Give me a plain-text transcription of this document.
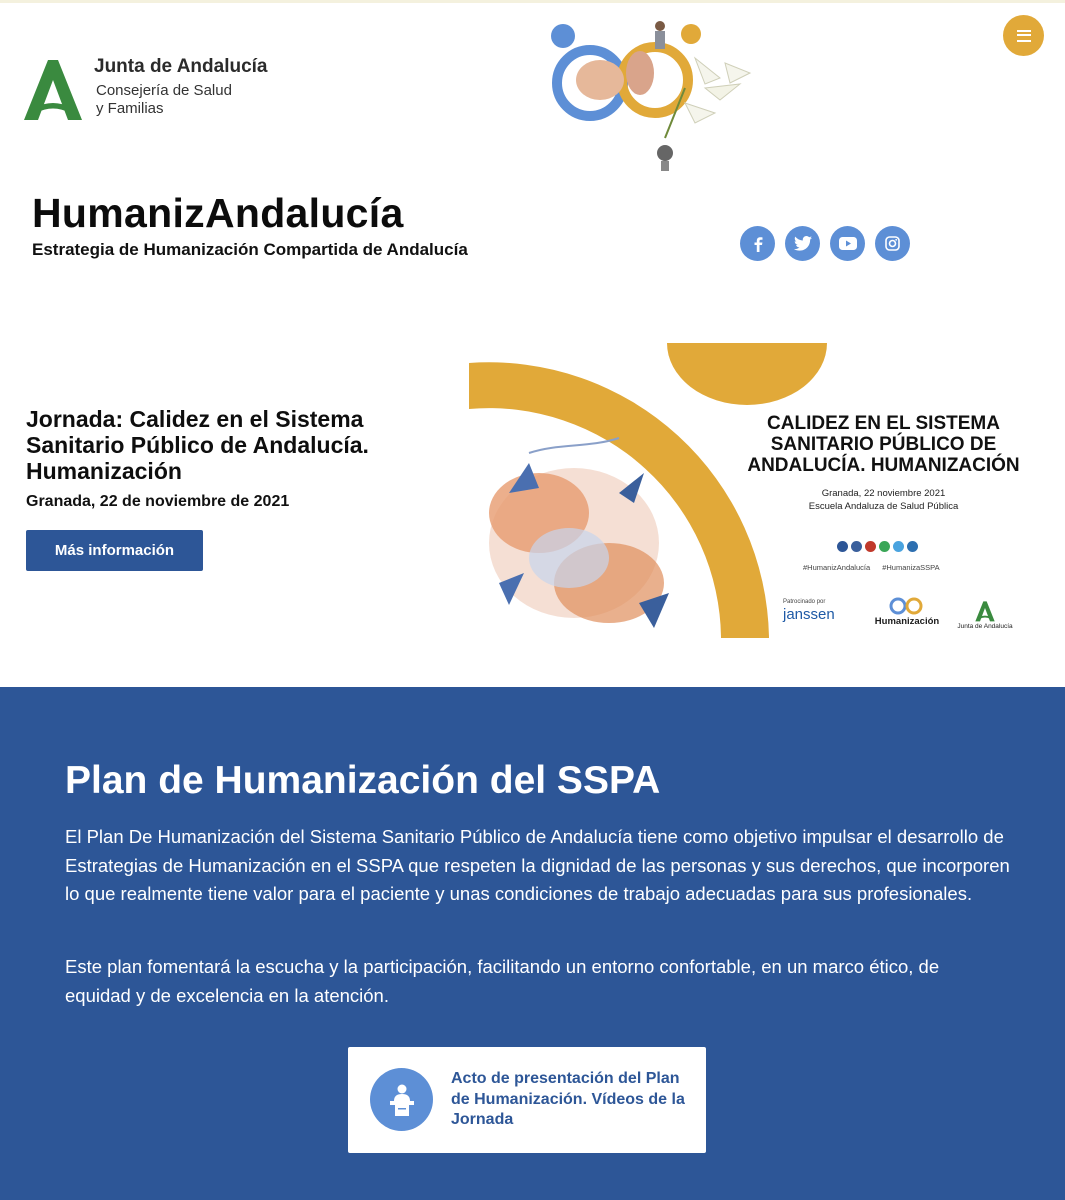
Junta de Andalucía
Consejería de Salud
y Familias
HumanizAndalucía
Estrategia de Humanización Compartida de Andalucía
Jornada: Calidez en el Sistema Sanitario Público de Andalucía. Humanización
Granada, 22 de noviembre de 2021
Más información
CALIDEZ EN EL SISTEMA SANITARIO PÚBLICO DE ANDALUCÍA. HUMANIZACIÓN
Granada, 22 noviembre 2021
Escuela Andaluza de Salud Pública
#HumanizAndalucía #HumanizaSSPA
Patrocinado por
janssen	Humanización	Junta de Andalucía
Plan de Humanización del SSPA
El Plan De Humanización del Sistema Sanitario Público de Andalucía tiene como objetivo impulsar el desarrollo de Estrategias de Humanización en el SSPA que respeten la dignidad de las personas y sus derechos, que incorporen lo que realmente tiene valor para el paciente y unas condiciones de trabajo adecuadas para sus profesionales.
Este plan fomentará la escucha y la participación, facilitando un entorno confortable, en un marco ético, de equidad y de excelencia en la atención.
Acto de presentación del Plan de Humanización. Vídeos de la Jornada
